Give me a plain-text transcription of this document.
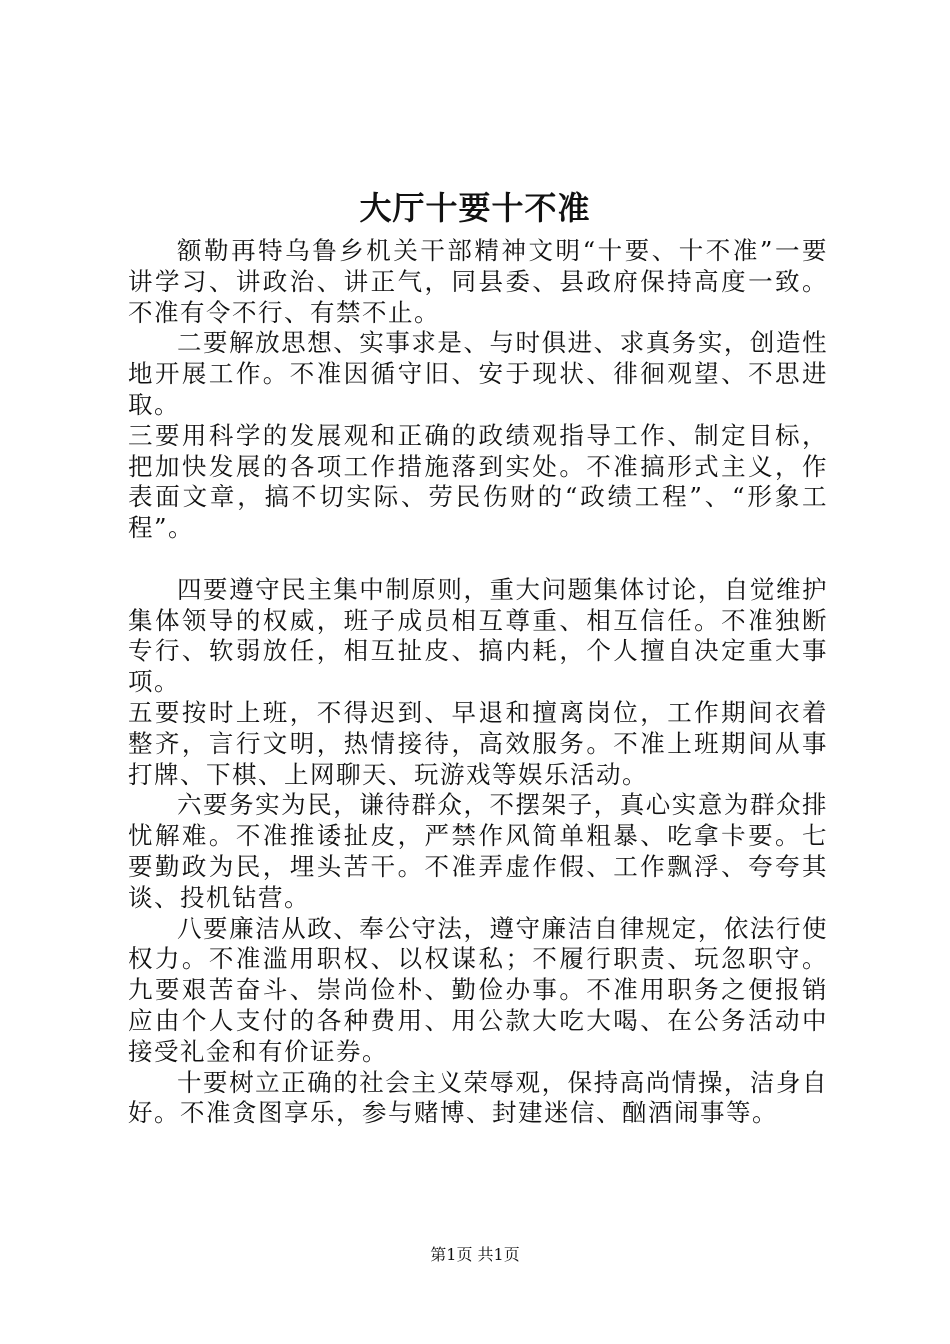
大厅十要十不准

额勒再特乌鲁乡机关干部精神文明“十要、十不准”一要讲学习、讲政治、讲正气，同县委、县政府保持高度一致。不准有令不行、有禁不止。

二要解放思想、实事求是、与时俱进、求真务实，创造性地开展工作。不准因循守旧、安于现状、徘徊观望、不思进取。

三要用科学的发展观和正确的政绩观指导工作、制定目标，把加快发展的各项工作措施落到实处。不准搞形式主义，作表面文章，搞不切实际、劳民伤财的“政绩工程”、“形象工程”。

四要遵守民主集中制原则，重大问题集体讨论，自觉维护集体领导的权威，班子成员相互尊重、相互信任。不准独断专行、软弱放任，相互扯皮、搞内耗，个人擅自决定重大事项。

五要按时上班，不得迟到、早退和擅离岗位，工作期间衣着整齐，言行文明，热情接待，高效服务。不准上班期间从事打牌、下棋、上网聊天、玩游戏等娱乐活动。

六要务实为民，谦待群众，不摆架子，真心实意为群众排忧解难。不准推诿扯皮，严禁作风简单粗暴、吃拿卡要。七要勤政为民，埋头苦干。不准弄虚作假、工作飘浮、夸夸其谈、投机钻营。

八要廉洁从政、奉公守法，遵守廉洁自律规定，依法行使权力。不准滥用职权、以权谋私；不履行职责、玩忽职守。九要艰苦奋斗、崇尚俭朴、勤俭办事。不准用职务之便报销应由个人支付的各种费用、用公款大吃大喝、在公务活动中接受礼金和有价证券。

十要树立正确的社会主义荣辱观，保持高尚情操，洁身自好。不准贪图享乐，参与赌博、封建迷信、酗酒闹事等。

第1页 共1页
